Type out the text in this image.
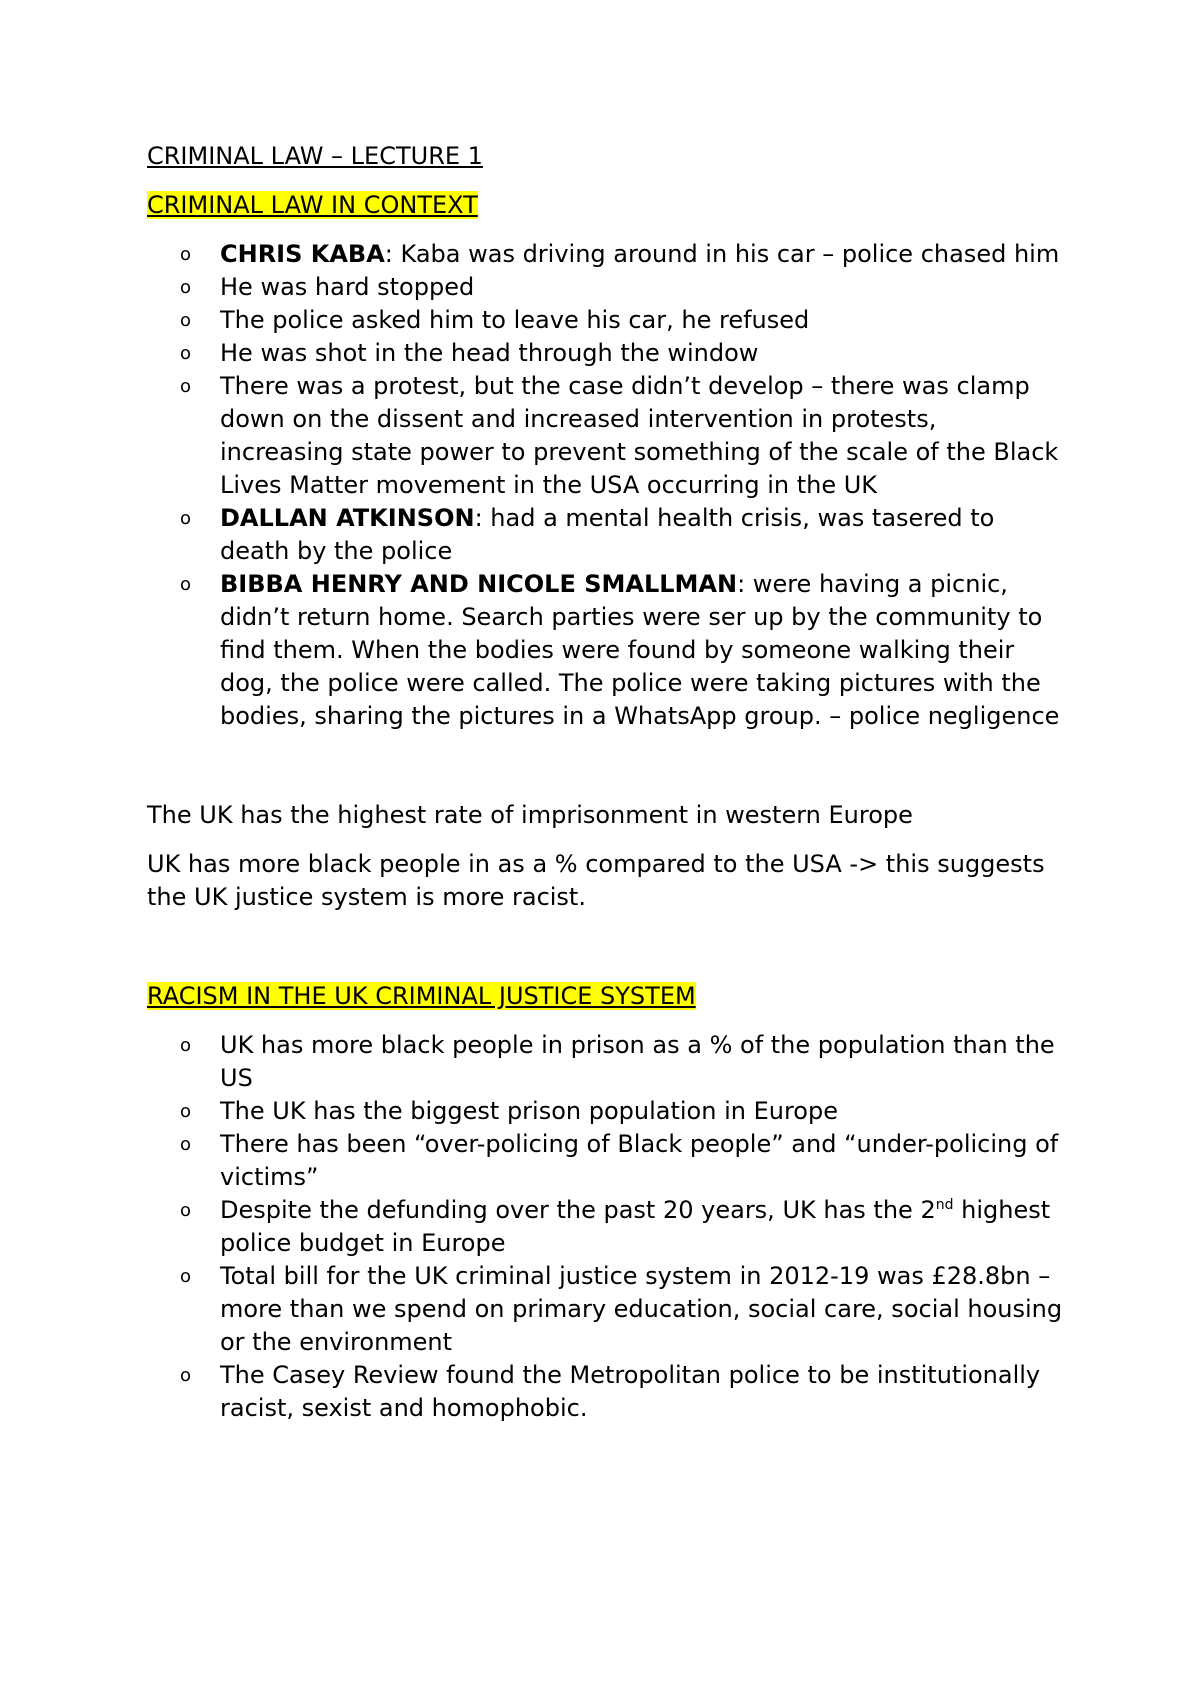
CRIMINAL LAW – LECTURE 1

CRIMINAL LAW IN CONTEXT

o CHRIS KABA: Kaba was driving around in his car – police chased him
o He was hard stopped
o The police asked him to leave his car, he refused
o He was shot in the head through the window
o There was a protest, but the case didn’t develop – there was clamp down on the dissent and increased intervention in protests, increasing state power to prevent something of the scale of the Black Lives Matter movement in the USA occurring in the UK
o DALLAN ATKINSON: had a mental health crisis, was tasered to death by the police
o BIBBA HENRY AND NICOLE SMALLMAN: were having a picnic, didn’t return home. Search parties were ser up by the community to find them. When the bodies were found by someone walking their dog, the police were called. The police were taking pictures with the bodies, sharing the pictures in a WhatsApp group. – police negligence

The UK has the highest rate of imprisonment in western Europe

UK has more black people in as a % compared to the USA -> this suggests the UK justice system is more racist.

RACISM IN THE UK CRIMINAL JUSTICE SYSTEM

o UK has more black people in prison as a % of the population than the US
o The UK has the biggest prison population in Europe
o There has been “over-policing of Black people” and “under-policing of victims”
o Despite the defunding over the past 20 years, UK has the 2nd highest police budget in Europe
o Total bill for the UK criminal justice system in 2012-19 was £28.8bn – more than we spend on primary education, social care, social housing or the environment
o The Casey Review found the Metropolitan police to be institutionally racist, sexist and homophobic.
